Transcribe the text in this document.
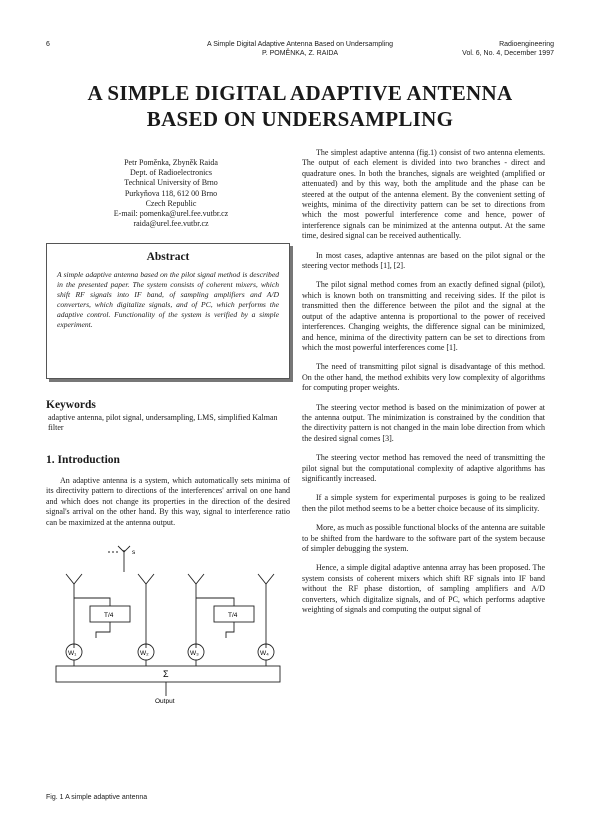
6	A Simple Digital Adaptive Antenna Based on Undersampling
P. POMĚNKA, Z. RAIDA
Radioengineering
Vol. 6, No. 4, December 1997
A SIMPLE DIGITAL ADAPTIVE ANTENNA
BASED ON UNDERSAMPLING
Petr Poměnka, Zbyněk Raida
Dept. of Radioelectronics
Technical University of Brno
Purkyňova 118, 612 00 Brno
Czech Republic
E-mail: pomenka@urel.fee.vutbr.cz
raida@urel.fee.vutbr.cz
Abstract
A simple adaptive antenna based on the pilot signal method is described in the presented paper. The system consists of coherent mixers, which shift RF signals into IF band, of sampling amplifiers and A/D converters, which digitalize signals, and of PC, which performs the adaptive control. Functionality of the system is verified by a simple experiment.
Keywords
adaptive antenna, pilot signal, undersampling, LMS, simplified Kalman filter
1. Introduction
An adaptive antenna is a system, which automatically sets minima of its directivity pattern to directions of the interferences' arrival on one hand and which does not change its properties in the direction of the desired signal's arrival on the other hand. By this way, signal to interference ratio can be maximized at the antenna output.
s
T/4	T/4
W₁	W₂	W₃	W₄
Σ
Output
Fig. 1 A simple adaptive antenna

The simplest adaptive antenna (fig.1) consist of two antenna elements. The output of each element is divided into two branches - direct and quadrature ones. In both the branches, signals are weighted (amplified or attenuated) and by this way, both the amplitude and the phase can be steered at the output of the antenna element. By the convenient setting of weights, minima of the directivity pattern can be set to directions from which the most powerful interference come and hence, power of interference signals can be minimized at the antenna output. At the same time, desired signal can be received authentically.

In most cases, adaptive antennas are based on the pilot signal or the steering vector methods [1], [2].

The pilot signal method comes from an exactly defined signal (pilot), which is known both on transmitting and receiving sides. If the pilot is transmitted then the difference between the pilot and the signal at the output of the adaptive antenna is proportional to the power of received interferences. Changing weights, the difference signal can be minimized, and hence, minima of the directivity pattern can be set to directions from which the most powerful interferences come [1].

The need of transmitting pilot signal is disadvantage of this method. On the other hand, the method exhibits very low complexity of algorithms for computing proper weights.

The steering vector method is based on the minimization of power at the antenna output. The minimization is constrained by the condition that the directivity pattern is not changed in the main lobe direction from which the desired signal comes [3].

The steering vector method has removed the need of transmitting the pilot signal but the computational complexity of adaptive algorithms has significantly increased.

If a simple system for experimental purposes is going to be realized then the pilot method seems to be a better choice because of its simplicity.

More, as much as possible functional blocks of the antenna are suitable to be shifted from the hardware to the software part of the system because of simpler debugging the system.

Hence, a simple digital adaptive antenna array has been proposed. The system consists of coherent mixers which shift RF signals into IF band without the RF phase distortion, of sampling amplifiers and A/D converters, which digitalize signals, and of PC, which performs adaptive weighting of signals and computing the output signal of
